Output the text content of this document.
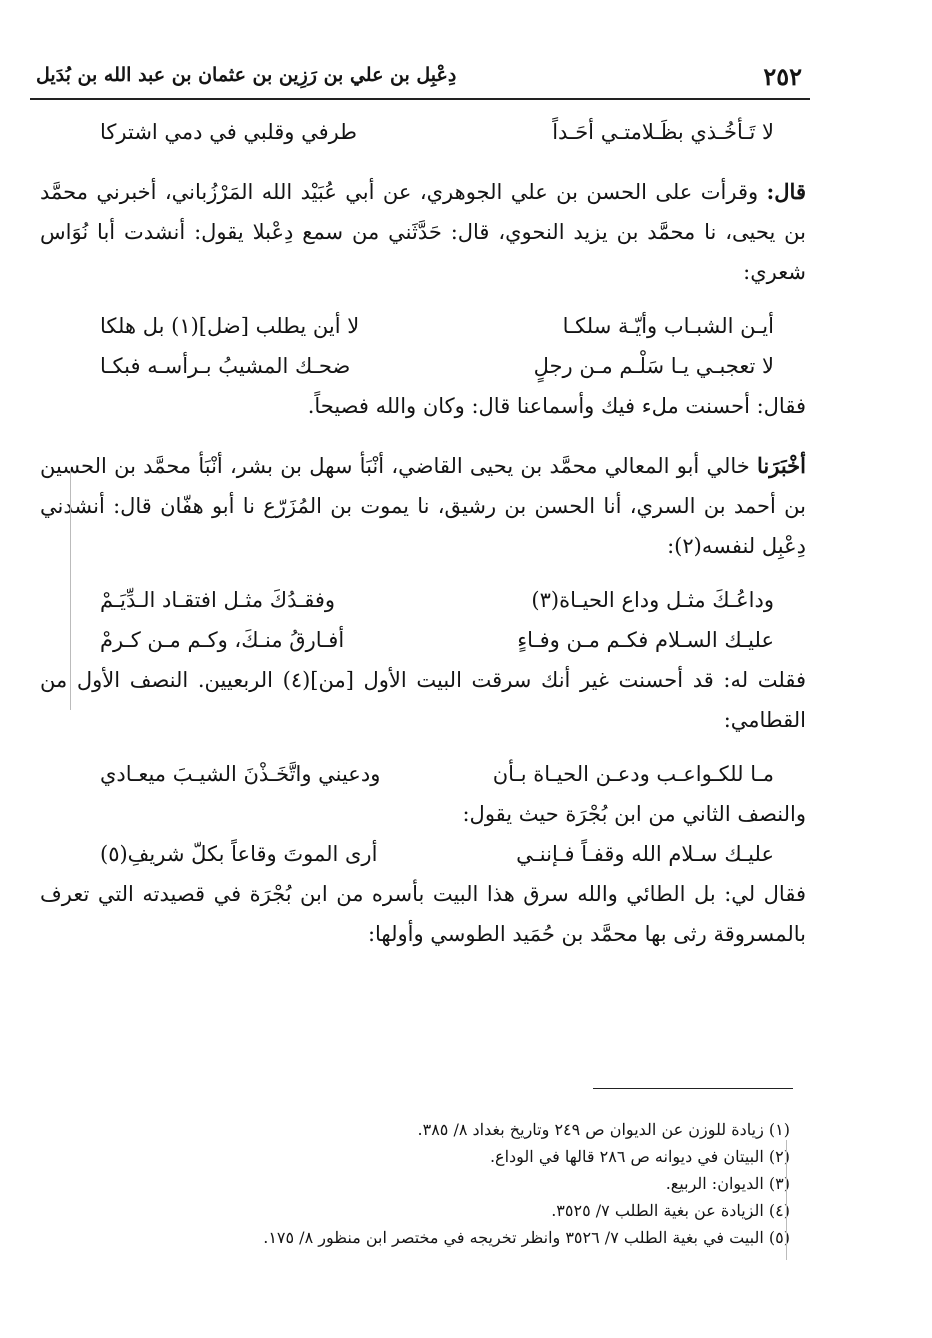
٢٥٢
دِعْبِل بن علي بن رَزِين بن عثمان بن عبد الله بن بُدَيل
لا تَـأخُـذي بظَـلامتـي أحَـداً
طرفي وقلبي في دمي اشتركا

قال: وقرأت على الحسن بن علي الجوهري، عن أبي عُبَيْد الله المَرْزُباني، أخبرني محمَّد بن يحيى، نا محمَّد بن يزيد النحوي، قال: حَدَّثَني من سمع دِعْبلا يقول: أنشدت أبا نُوَاس شعري:

أيـن الشبـاب وأيّـة سلكـا
لا أين يطلب [ضل](١) بل هلكا
لا تعجبـي يـا سَلْـم مـن رجلٍ
ضحـك المشيبُ بـرأسـه فبكـا

فقال: أحسنت ملء فيك وأسماعنا قال: وكان والله فصيحاً.

أخْبَرَنا خالي أبو المعالي محمَّد بن يحيى القاضي، أنْبَأ سهل بن بشر، أنْبَأ محمَّد بن الحسين بن أحمد بن السري، أنا الحسن بن رشيق، نا يموت بن المُزَرّع نا أبو هفّان قال: أنشدني دِعْبِل لنفسه(٢):

وداعُـكَ مثـل وداع الحيـاة(٣)
وفقـدُكَ مثـل افتقـاد الـدِّيَـمْ
عليـك السـلام فكـم مـن وفـاءٍ
أفـارقُ منـكَ، وكـم مـن كـرمْ

فقلت له: قد أحسنت غير أنك سرقت البيت الأول [من](٤) الربعيين. النصف الأول من القطامي:

مـا للكـواعـب ودعـن الحيـاة بـأن
ودعيني واتَّخَـذْنَ الشيـبَ ميعـادي

والنصف الثاني من ابن بُجْرَة حيث يقول:

عليـك سـلام الله وقفـاً فـإننـي
أرى الموتَ وقاعاً بكلّ شريفِ(٥)

فقال لي: بل الطائي والله سرق هذا البيت بأسره من ابن بُجْرَة في قصيدته التي تعرف بالمسروقة رثى بها محمَّد بن حُمَيد الطوسي وأولها:

(١) زيادة للوزن عن الديوان ص ٢٤٩ وتاريخ بغداد ٨/ ٣٨٥.
(٢) البيتان في ديوانه ص ٢٨٦ قالها في الوداع.
(٣) الديوان: الربيع.
(٤) الزيادة عن بغية الطلب ٧/ ٣٥٢٥.
(٥) البيت في بغية الطلب ٧/ ٣٥٢٦ وانظر تخريجه في مختصر ابن منظور ٨/ ١٧٥.
